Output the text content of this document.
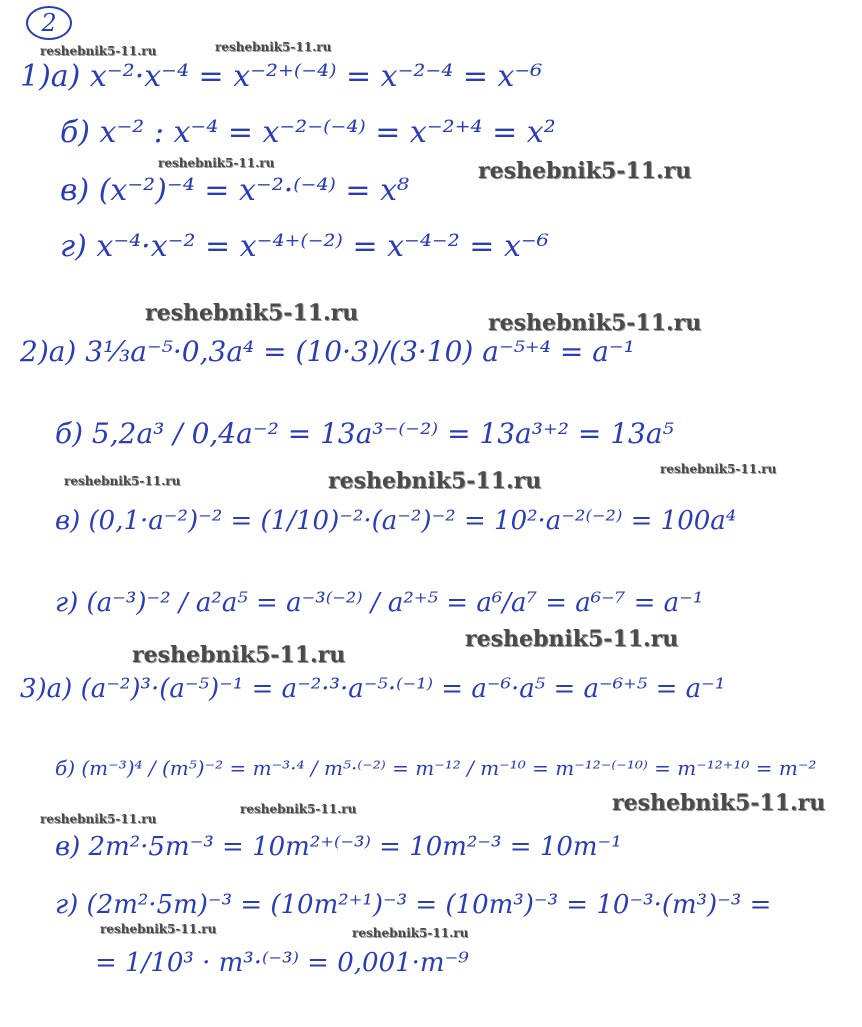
2
reshebnik5-11.ru	reshebnik5-11.ru
reshebnik5-11.ru	reshebnik5-11.ru
reshebnik5-11.ru	reshebnik5-11.ru
reshebnik5-11.ru	reshebnik5-11.ru	reshebnik5-11.ru
reshebnik5-11.ru
reshebnik5-11.ru
reshebnik5-11.ru
reshebnik5-11.ru
reshebnik5-11.ru
reshebnik5-11.ru	reshebnik5-11.ru
1)а) x⁻²·x⁻⁴ = x⁻²⁺⁽⁻⁴⁾ = x⁻²⁻⁴ = x⁻⁶
б) x⁻² : x⁻⁴ = x⁻²⁻⁽⁻⁴⁾ = x⁻²⁺⁴ = x²
в) (x⁻²)⁻⁴ = x⁻²·⁽⁻⁴⁾ = x⁸
г) x⁻⁴·x⁻² = x⁻⁴⁺⁽⁻²⁾ = x⁻⁴⁻² = x⁻⁶
2)а) 3⅓a⁻⁵·0,3a⁴ = (10·3)/(3·10) a⁻⁵⁺⁴ = a⁻¹
б) 5,2a³ / 0,4a⁻² = 13a³⁻⁽⁻²⁾ = 13a³⁺² = 13a⁵
в) (0,1·a⁻²)⁻² = (1/10)⁻²·(a⁻²)⁻² = 10²·a⁻²⁽⁻²⁾ = 100a⁴
г) (a⁻³)⁻² / a²a⁵ = a⁻³⁽⁻²⁾ / a²⁺⁵ = a⁶/a⁷ = a⁶⁻⁷ = a⁻¹
3)а) (a⁻²)³·(a⁻⁵)⁻¹ = a⁻²·³·a⁻⁵·⁽⁻¹⁾ = a⁻⁶·a⁵ = a⁻⁶⁺⁵ = a⁻¹
б) (m⁻³)⁴ / (m⁵)⁻² = m⁻³·⁴ / m⁵·⁽⁻²⁾ = m⁻¹² / m⁻¹⁰ = m⁻¹²⁻⁽⁻¹⁰⁾ = m⁻¹²⁺¹⁰ = m⁻²
в) 2m²·5m⁻³ = 10m²⁺⁽⁻³⁾ = 10m²⁻³ = 10m⁻¹
г) (2m²·5m)⁻³ = (10m²⁺¹)⁻³ = (10m³)⁻³ = 10⁻³·(m³)⁻³ =
= 1/10³ · m³·⁽⁻³⁾ = 0,001·m⁻⁹
